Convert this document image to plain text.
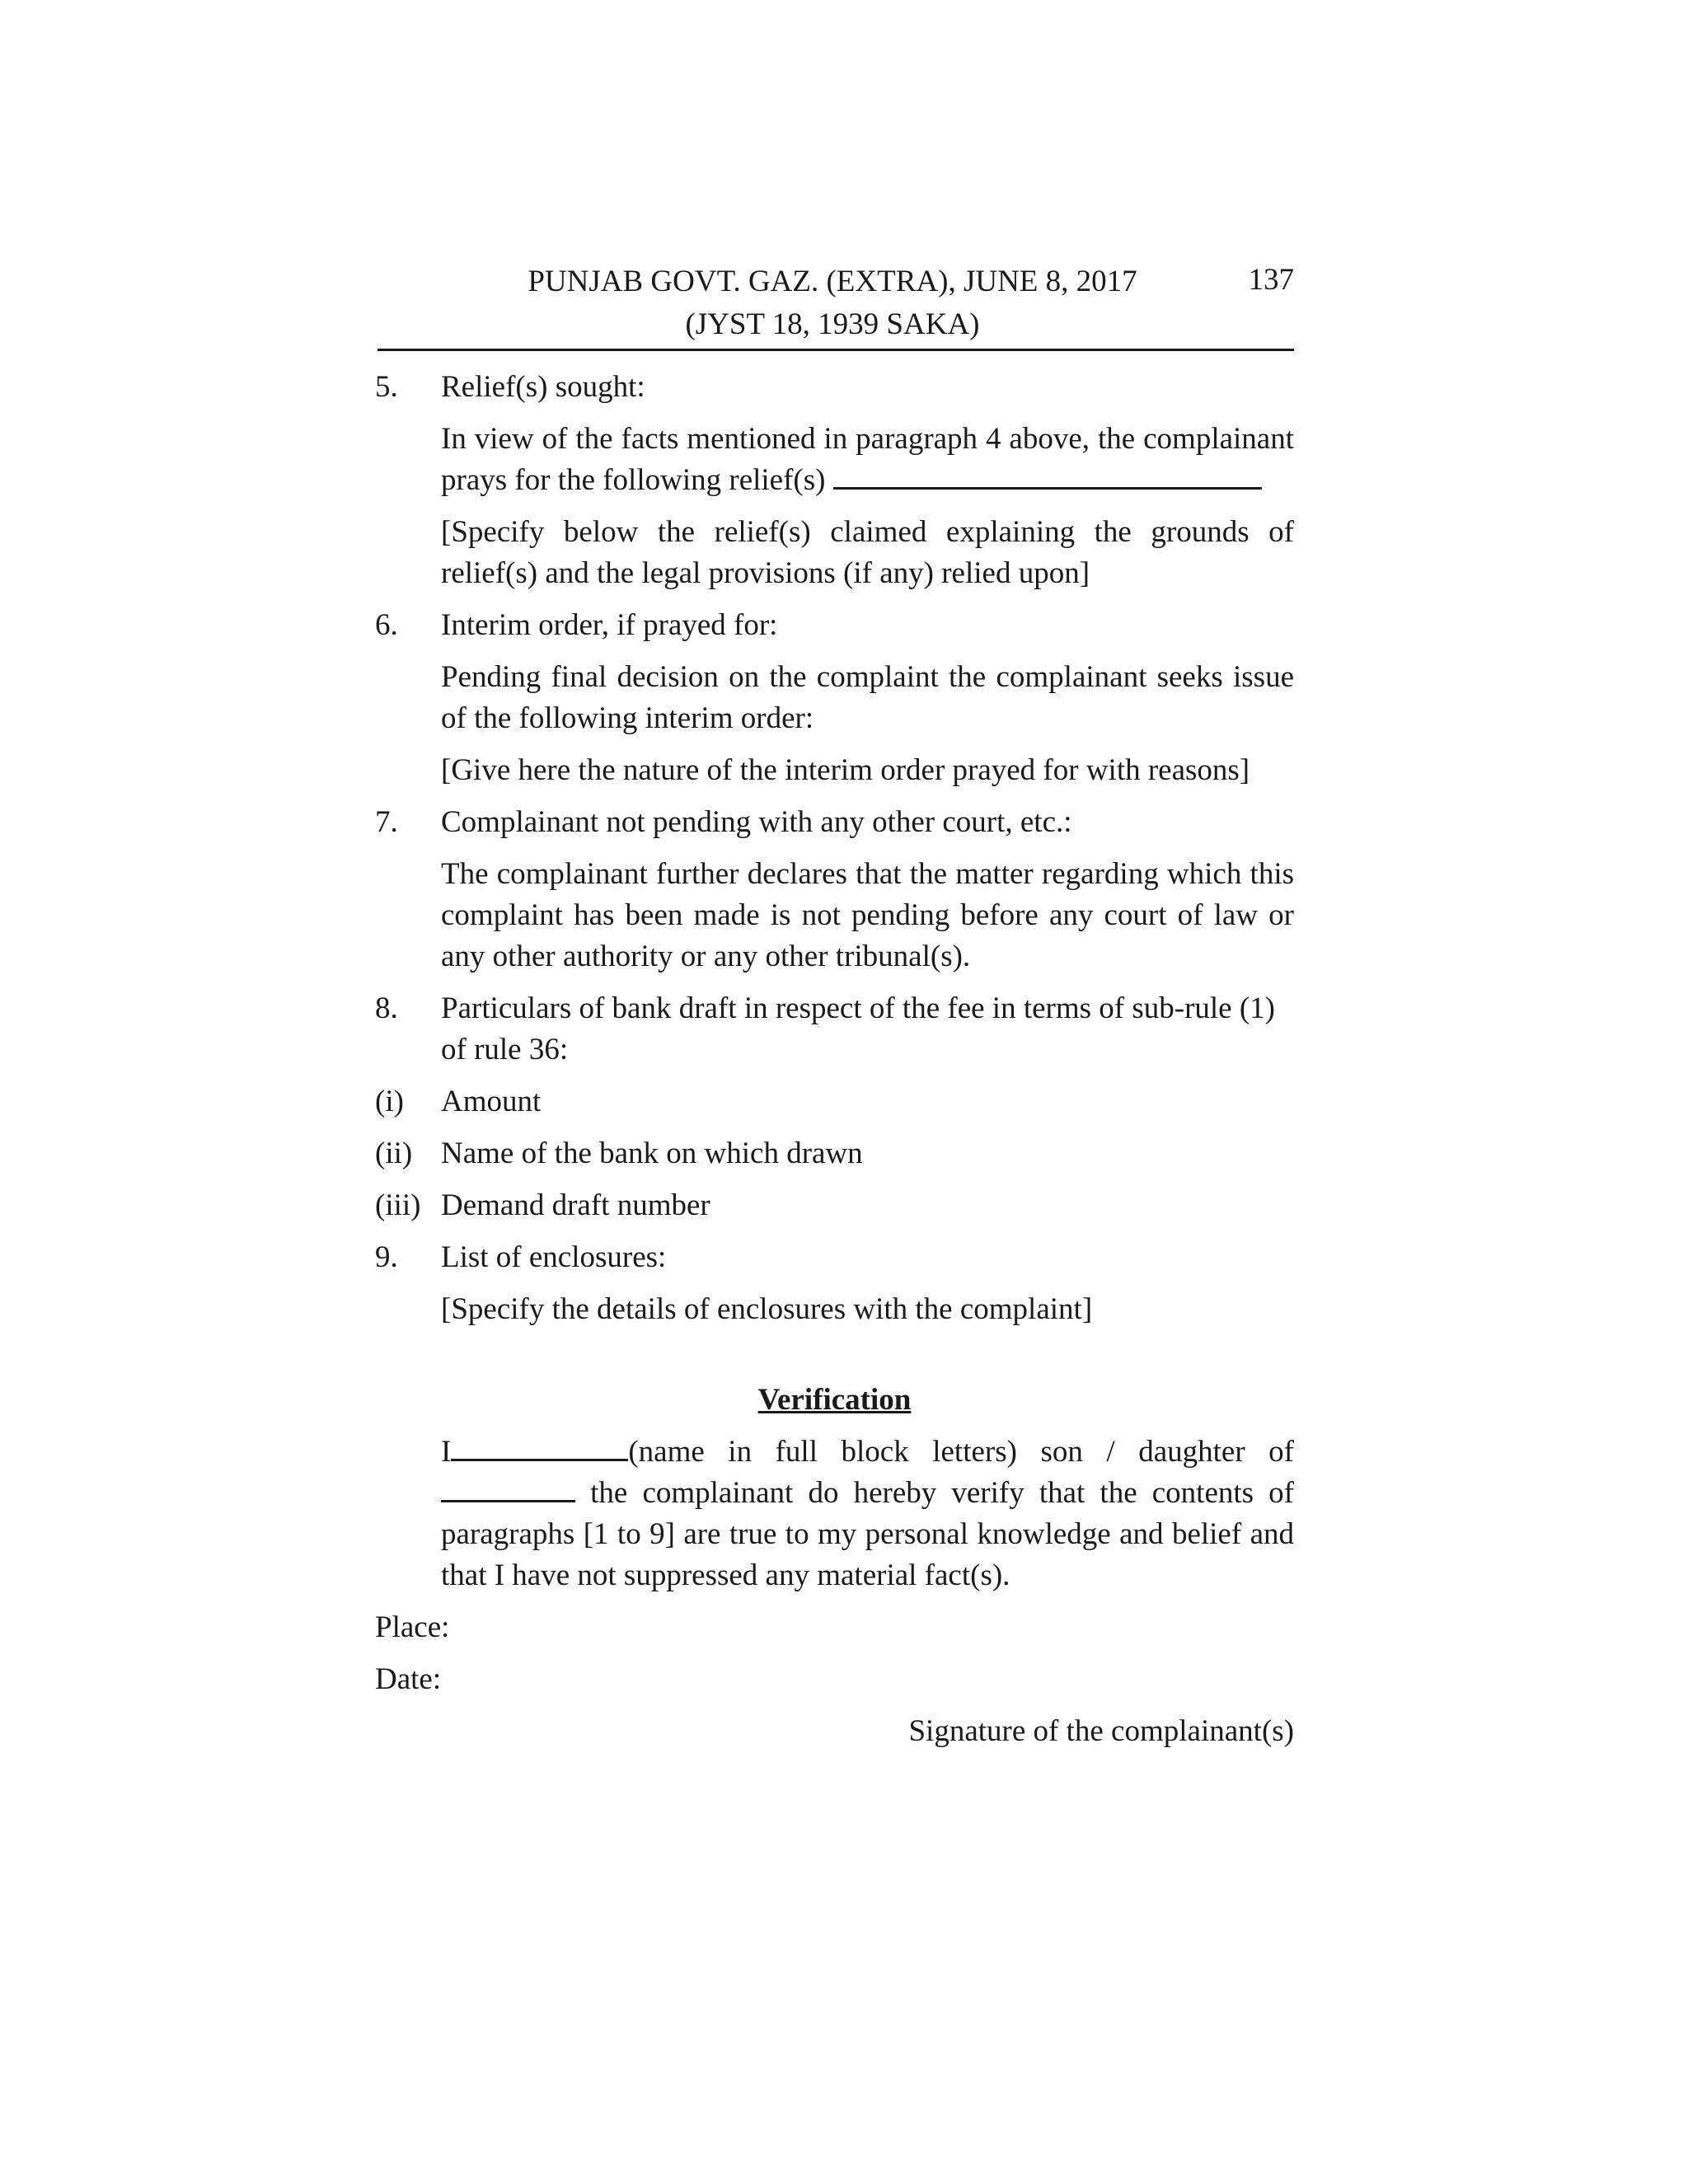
PUNJAB GOVT. GAZ. (EXTRA), JUNE 8, 2017	137
(JYST 18, 1939 SAKA)
5.	Relief(s) sought:
In view of the facts mentioned in paragraph 4 above, the complainant prays for the following relief(s)
[Specify below the relief(s) claimed explaining the grounds of relief(s) and the legal provisions (if any) relied upon]
6.	Interim order, if prayed for:
Pending final decision on the complaint the complainant seeks issue of the following interim order:
[Give here the nature of the interim order prayed for with reasons]
7.	Complainant not pending with any other court, etc.:
The complainant further declares that the matter regarding which this complaint has been made is not pending before any court of law or any other authority or any other tribunal(s).
8.	Particulars of bank draft in respect of the fee in terms of sub-rule (1) of rule 36:
(i)	Amount
(ii) Name of the bank on which drawn
(iii) Demand draft number
9.	List of enclosures:
[Specify the details of enclosures with the complaint]
Verification
I	(name in full block letters) son / daughter of the complainant do hereby verify that the contents of paragraphs [1 to 9] are true to my personal knowledge and belief and that I have not suppressed any material fact(s).
Place:
Date:
Signature of the complainant(s)
